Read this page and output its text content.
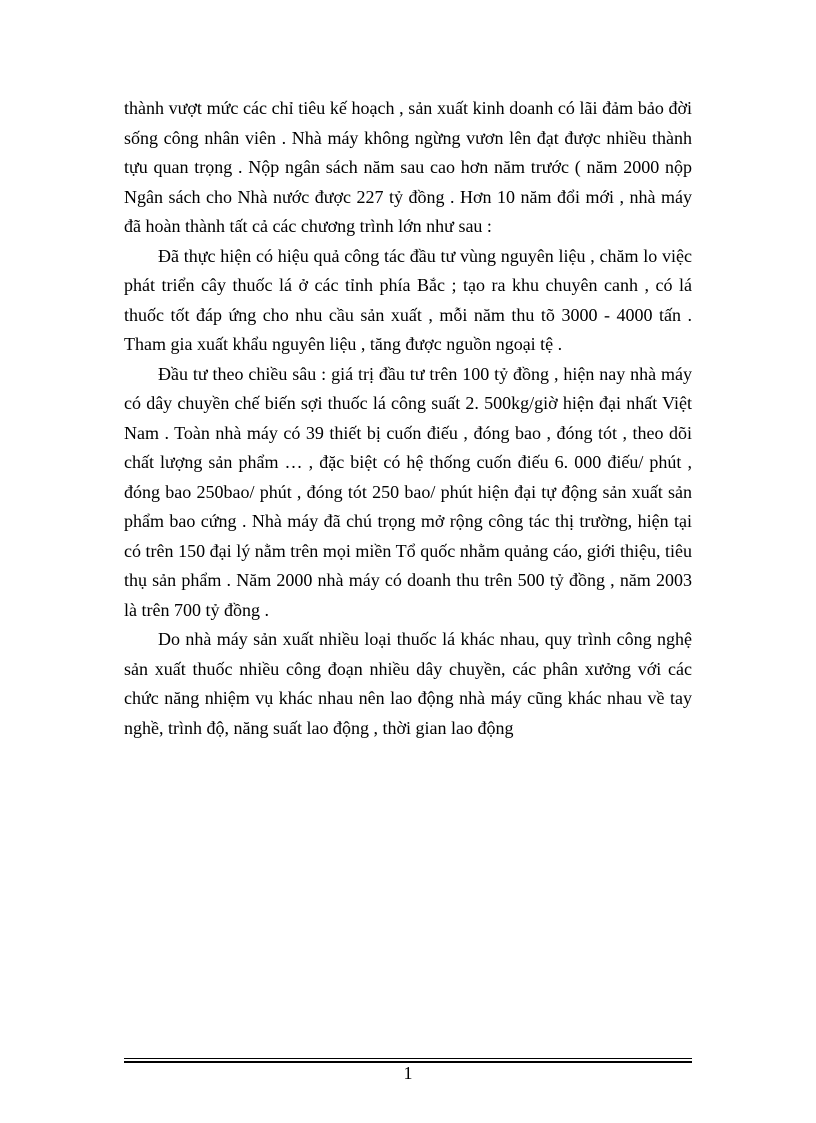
thành vượt mức các chỉ tiêu kế hoạch , sản xuất kinh doanh có lãi đảm bảo đời sống công nhân viên . Nhà máy không ngừng vươn lên đạt được nhiều thành tựu quan trọng . Nộp ngân sách năm sau cao hơn năm trước ( năm 2000 nộp Ngân sách cho Nhà nước được 227 tỷ đồng . Hơn 10 năm đổi mới , nhà máy đã hoàn thành tất cả các chương trình lớn như sau :

Đã thực hiện có hiệu quả công tác đầu tư vùng nguyên liệu , chăm lo việc phát triển cây thuốc lá ở các tỉnh phía Bắc ; tạo ra khu chuyên canh , có lá thuốc tốt đáp ứng cho nhu cầu sản xuất , mỗi năm thu tõ 3000 - 4000 tấn . Tham gia xuất khẩu nguyên liệu , tăng được nguồn ngoại tệ .

Đầu tư theo chiều sâu : giá trị đầu tư trên 100 tỷ đồng , hiện nay nhà máy có dây chuyền chế biến sợi thuốc lá công suất 2. 500kg/giờ hiện đại nhất Việt Nam . Toàn nhà máy có 39 thiết bị cuốn điếu , đóng bao , đóng tót , theo dõi chất lượng sản phẩm … , đặc biệt có hệ thống cuốn điếu 6. 000 điếu/ phút , đóng bao 250bao/ phút , đóng tót 250 bao/ phút hiện đại tự động sản xuất sản phẩm bao cứng . Nhà máy đã chú trọng mở rộng công tác thị trường, hiện tại có trên 150 đại lý nằm trên mọi miền Tổ quốc nhằm quảng cáo, giới thiệu, tiêu thụ sản phẩm . Năm 2000 nhà máy có doanh thu trên 500 tỷ đồng , năm 2003 là trên 700 tỷ đồng .

Do nhà máy sản xuất nhiều loại thuốc lá khác nhau, quy trình công nghệ sản xuất thuốc nhiều công đoạn nhiều dây chuyền, các phân xưởng với các chức năng nhiệm vụ khác nhau nên lao động nhà máy cũng khác nhau về tay nghề, trình độ, năng suất lao động , thời gian lao động

1
